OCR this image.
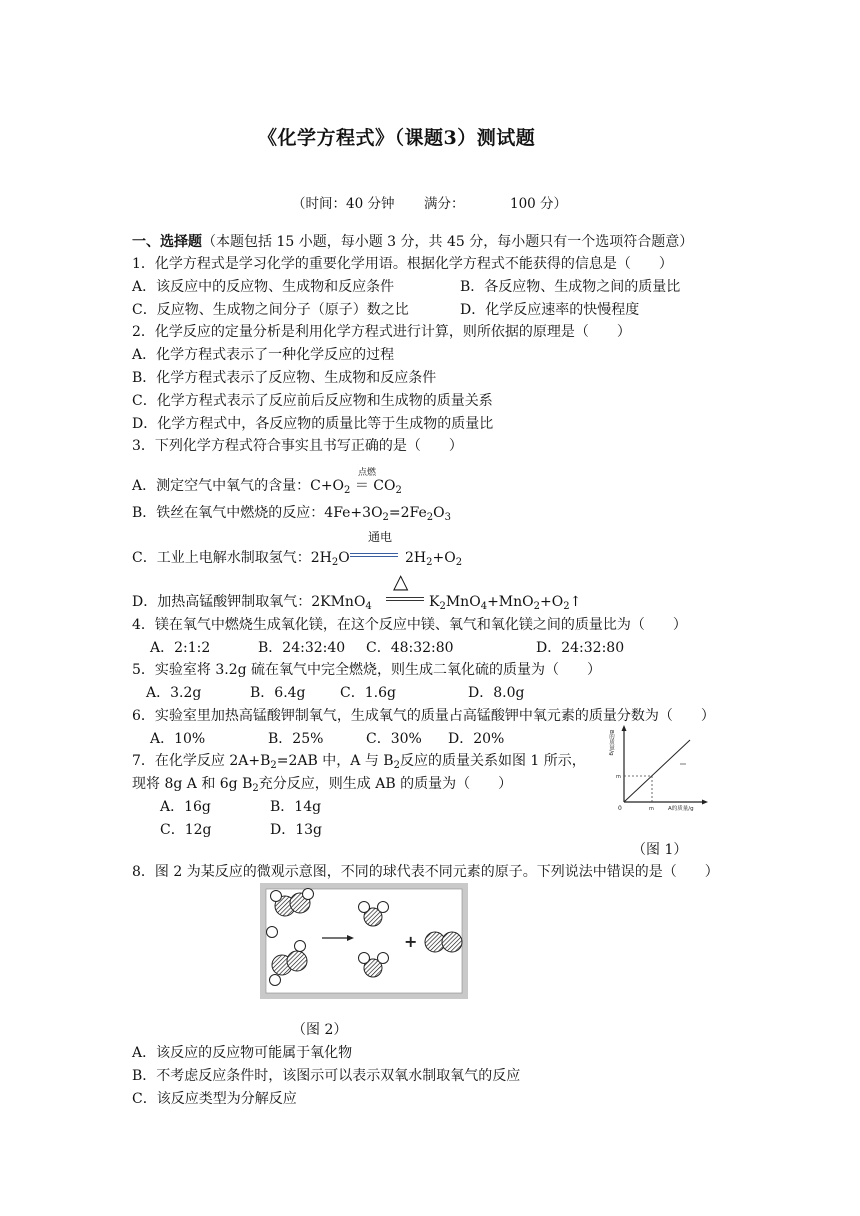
《化学方程式》（课题3）测试题
（时间：40 分钟 满分：	100 分）
一、选择题（本题包括 15 小题，每小题 3 分，共 45 分，每小题只有一个选项符合题意）
1．化学方程式是学习化学的重要化学用语。根据化学方程式不能获得的信息是（　　）
A．该反应中的反应物、生成物和反应条件	B．各反应物、生成物之间的质量比
C．反应物、生成物之间分子（原子）数之比	D．化学反应速率的快慢程度
2．化学反应的定量分析是利用化学方程式进行计算，则所依据的原理是（　　）
A．化学方程式表示了一种化学反应的过程
B．化学方程式表示了反应物、生成物和反应条件
C．化学方程式表示了反应前后反应物和生成物的质量关系
D．化学方程式中，各反应物的质量比等于生成物的质量比
3．下列化学方程式符合事实且书写正确的是（　　）
点燃
A．测定空气中氧气的含量：$C+O_2 = CO_2$
B．铁丝在氧气中燃烧的反应：$4Fe+3O_2=2Fe_2O_3$
通电
C．工业上电解水制取氢气：$2H_2O$	$2H_2+O_2$
△
D．加热高锰酸钾制取氧气：2KMnO$_4$	$K_2MnO_4+MnO_2+O_2↑$
4．镁在氧气中燃烧生成氧化镁，在这个反应中镁、氧气和氧化镁之间的质量比为（　　）
A．2:1:2	B．24:32:40 C．48:32:80	D．24:32:80
5．实验室将 3.2g 硫在氧气中完全燃烧，则生成二氧化硫的质量为（　　）
A．3.2g	B．6.4g C．1.6g	D．8.0g
6．实验室里加热高锰酸钾制氧气，生成氧气的质量占高锰酸钾中氧元素的质量分数为（　　）
A．10%	B．25%	C．30% D．20%
7．在化学反应 $2A+B_2=2AB$ 中，A 与 $B_2$反应的质量关系如图 1 所示，
现将 8g A 和 6g $B_2$充分反应，则生成 AB 的质量为（　　）
A．16g	B．14g
C．12g	D．13g
B的质量/g
m
0	m	A的质量/g
（图 1）
8．图 2 为某反应的微观示意图，不同的球代表不同元素的原子。下列说法中错误的是（　　）
+
（图 2）
A．该反应的反应物可能属于氧化物
B．不考虑反应条件时，该图示可以表示双氧水制取氧气的反应
C．该反应类型为分解反应
